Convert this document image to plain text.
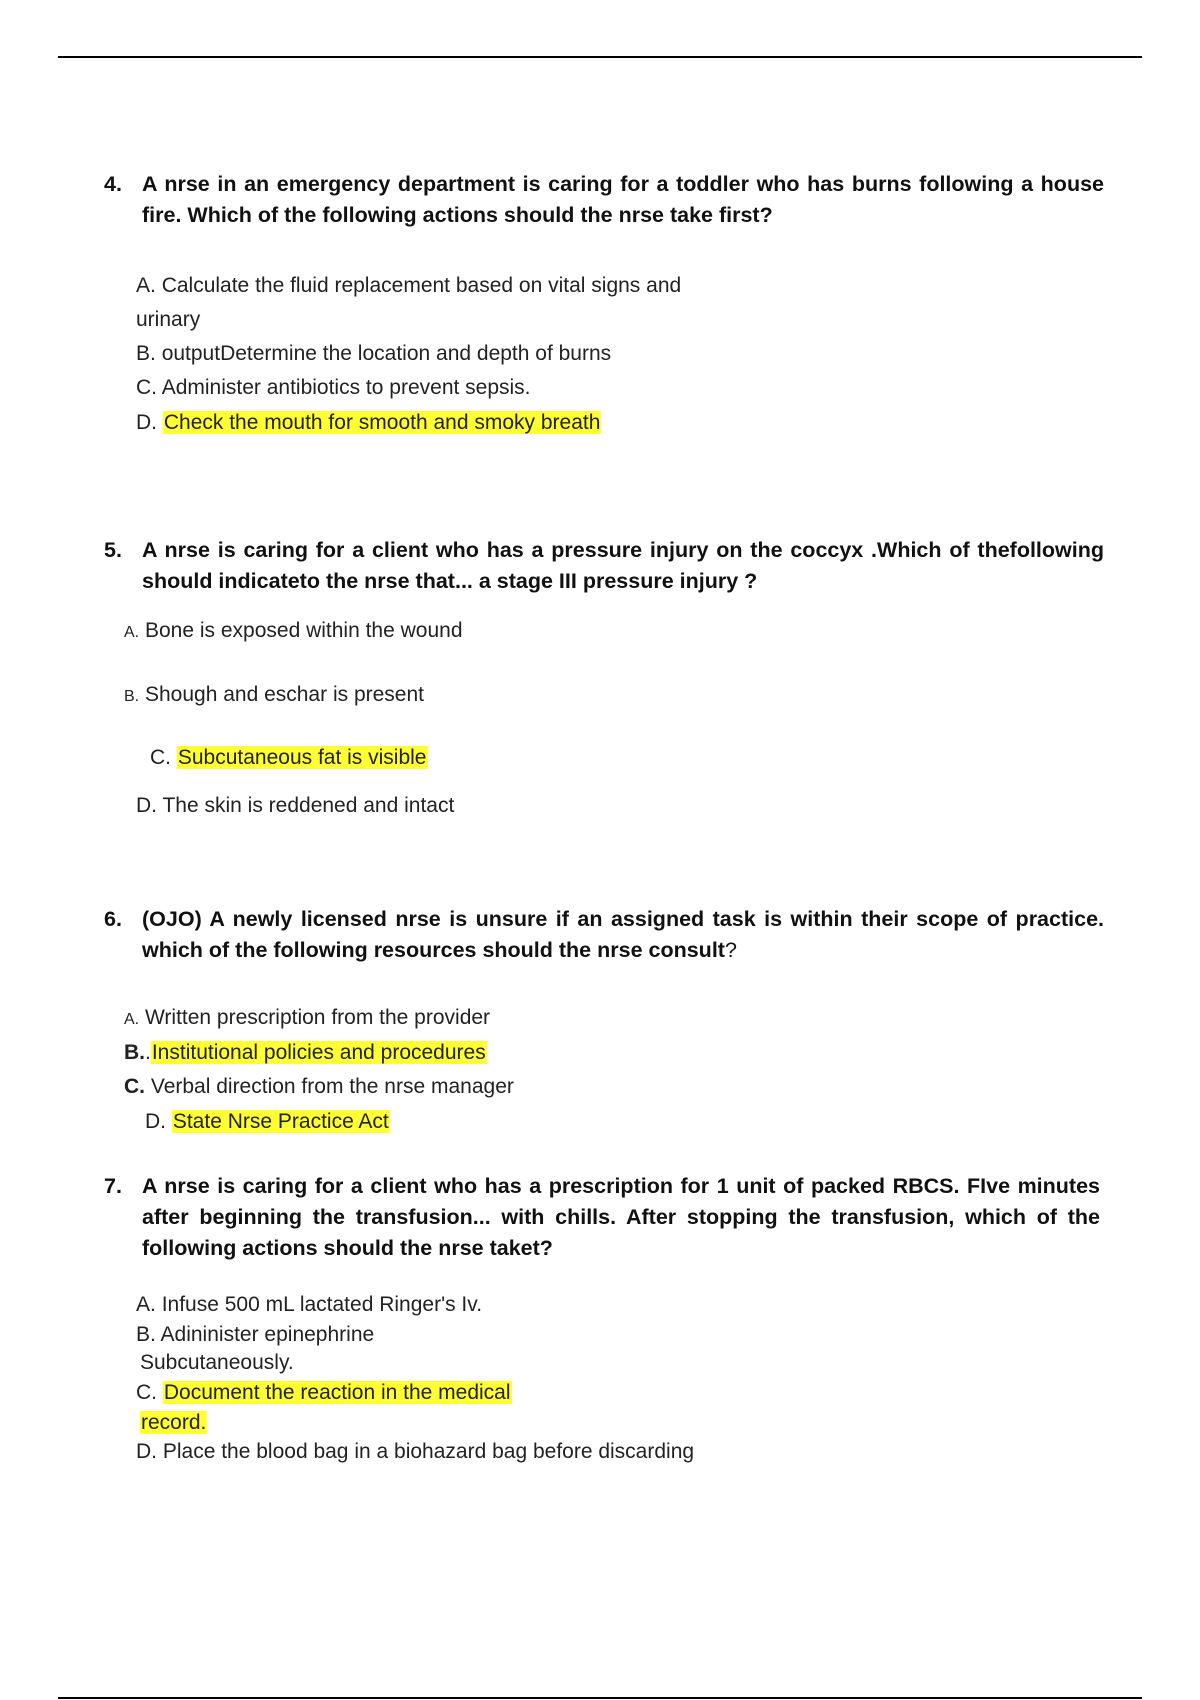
4. A nrse in an emergency department is caring for a toddler who has burns following a house fire. Which of the following actions should the nrse take first?
A. Calculate the fluid replacement based on vital signs and
urinary
B. outputDetermine the location and depth of burns
C. Administer antibiotics to prevent sepsis.
D. Check the mouth for smooth and smoky breath
5. A nrse is caring for a client who has a pressure injury on the coccyx .Which of thefollowing should indicateto the nrse that... a stage III pressure injury ?
A. Bone is exposed within the wound
B. Shough and eschar is present
C. Subcutaneous fat is visible
D. The skin is reddened and intact
6. (OJO) A newly licensed nrse is unsure if an assigned task is within their scope of practice. which of the following resources should the nrse consult?
A. Written prescription from the provider
B..Institutional policies and procedures
C. Verbal direction from the nrse manager
D. State Nrse Practice Act
7. A nrse is caring for a client who has a prescription for 1 unit of packed RBCS. FIve minutes after beginning the transfusion... with chills. After stopping the transfusion, which of the following actions should the nrse taket?
A. Infuse 500 mL lactated Ringer's Iv.
B. Adininister epinephrine
Subcutaneously.
C. Document the reaction in the medical
record.
D. Place the blood bag in a biohazard bag before discarding
